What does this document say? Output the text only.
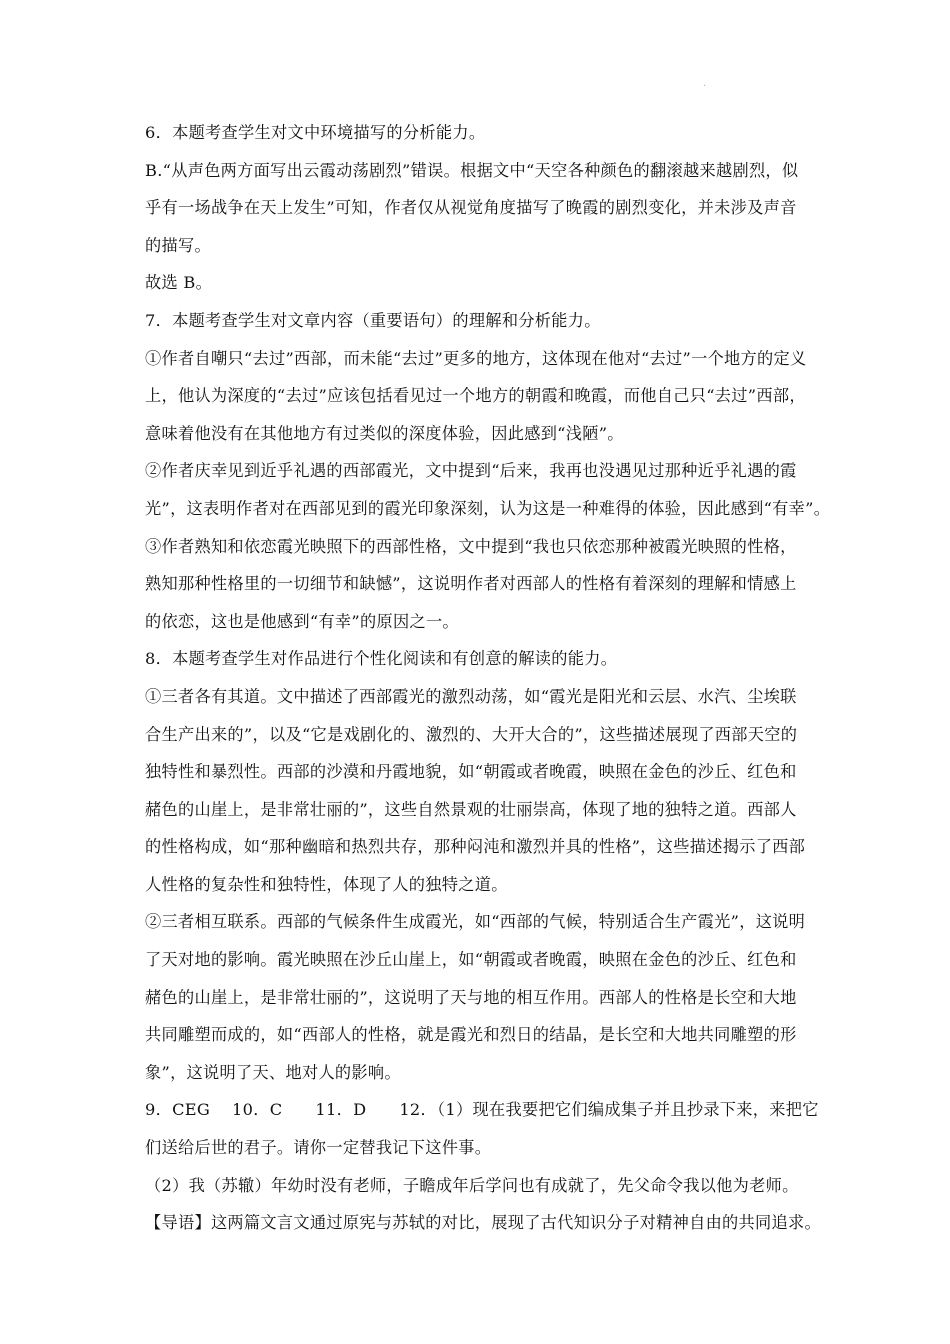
.
6．本题考查学生对文中环境描写的分析能力。
B.“从声色两方面写出云霞动荡剧烈”错误。根据文中“天空各种颜色的翻滚越来越剧烈，似
乎有一场战争在天上发生”可知，作者仅从视觉角度描写了晚霞的剧烈变化，并未涉及声音
的描写。
故选 B。
7．本题考查学生对文章内容（重要语句）的理解和分析能力。
①作者自嘲只“去过”西部，而未能“去过”更多的地方，这体现在他对“去过”一个地方的定义
上，他认为深度的“去过”应该包括看见过一个地方的朝霞和晚霞，而他自己只“去过”西部，
意味着他没有在其他地方有过类似的深度体验，因此感到“浅陋”。
②作者庆幸见到近乎礼遇的西部霞光，文中提到“后来，我再也没遇见过那种近乎礼遇的霞
光”，这表明作者对在西部见到的霞光印象深刻，认为这是一种难得的体验，因此感到“有幸”。
③作者熟知和依恋霞光映照下的西部性格，文中提到“我也只依恋那种被霞光映照的性格，
熟知那种性格里的一切细节和缺憾”，这说明作者对西部人的性格有着深刻的理解和情感上
的依恋，这也是他感到“有幸”的原因之一。
8．本题考查学生对作品进行个性化阅读和有创意的解读的能力。
①三者各有其道。文中描述了西部霞光的激烈动荡，如“霞光是阳光和云层、水汽、尘埃联
合生产出来的”，以及“它是戏剧化的、激烈的、大开大合的”，这些描述展现了西部天空的
独特性和暴烈性。西部的沙漠和丹霞地貌，如“朝霞或者晚霞，映照在金色的沙丘、红色和
赭色的山崖上，是非常壮丽的”，这些自然景观的壮丽崇高，体现了地的独特之道。西部人
的性格构成，如“那种幽暗和热烈共存，那种闷沌和激烈并具的性格”，这些描述揭示了西部
人性格的复杂性和独特性，体现了人的独特之道。
②三者相互联系。西部的气候条件生成霞光，如“西部的气候，特别适合生产霞光”，这说明
了天对地的影响。霞光映照在沙丘山崖上，如“朝霞或者晚霞，映照在金色的沙丘、红色和
赭色的山崖上，是非常壮丽的”，这说明了天与地的相互作用。西部人的性格是长空和大地
共同雕塑而成的，如“西部人的性格，就是霞光和烈日的结晶，是长空和大地共同雕塑的形
象”，这说明了天、地对人的影响。
9．CEG　 10．C　　11．D　　12．（1）现在我要把它们编成集子并且抄录下来，来把它
们送给后世的君子。请你一定替我记下这件事。
（2）我（苏辙）年幼时没有老师，子瞻成年后学问也有成就了，先父命令我以他为老师。
【导语】这两篇文言文通过原宪与苏轼的对比，展现了古代知识分子对精神自由的共同追求。
